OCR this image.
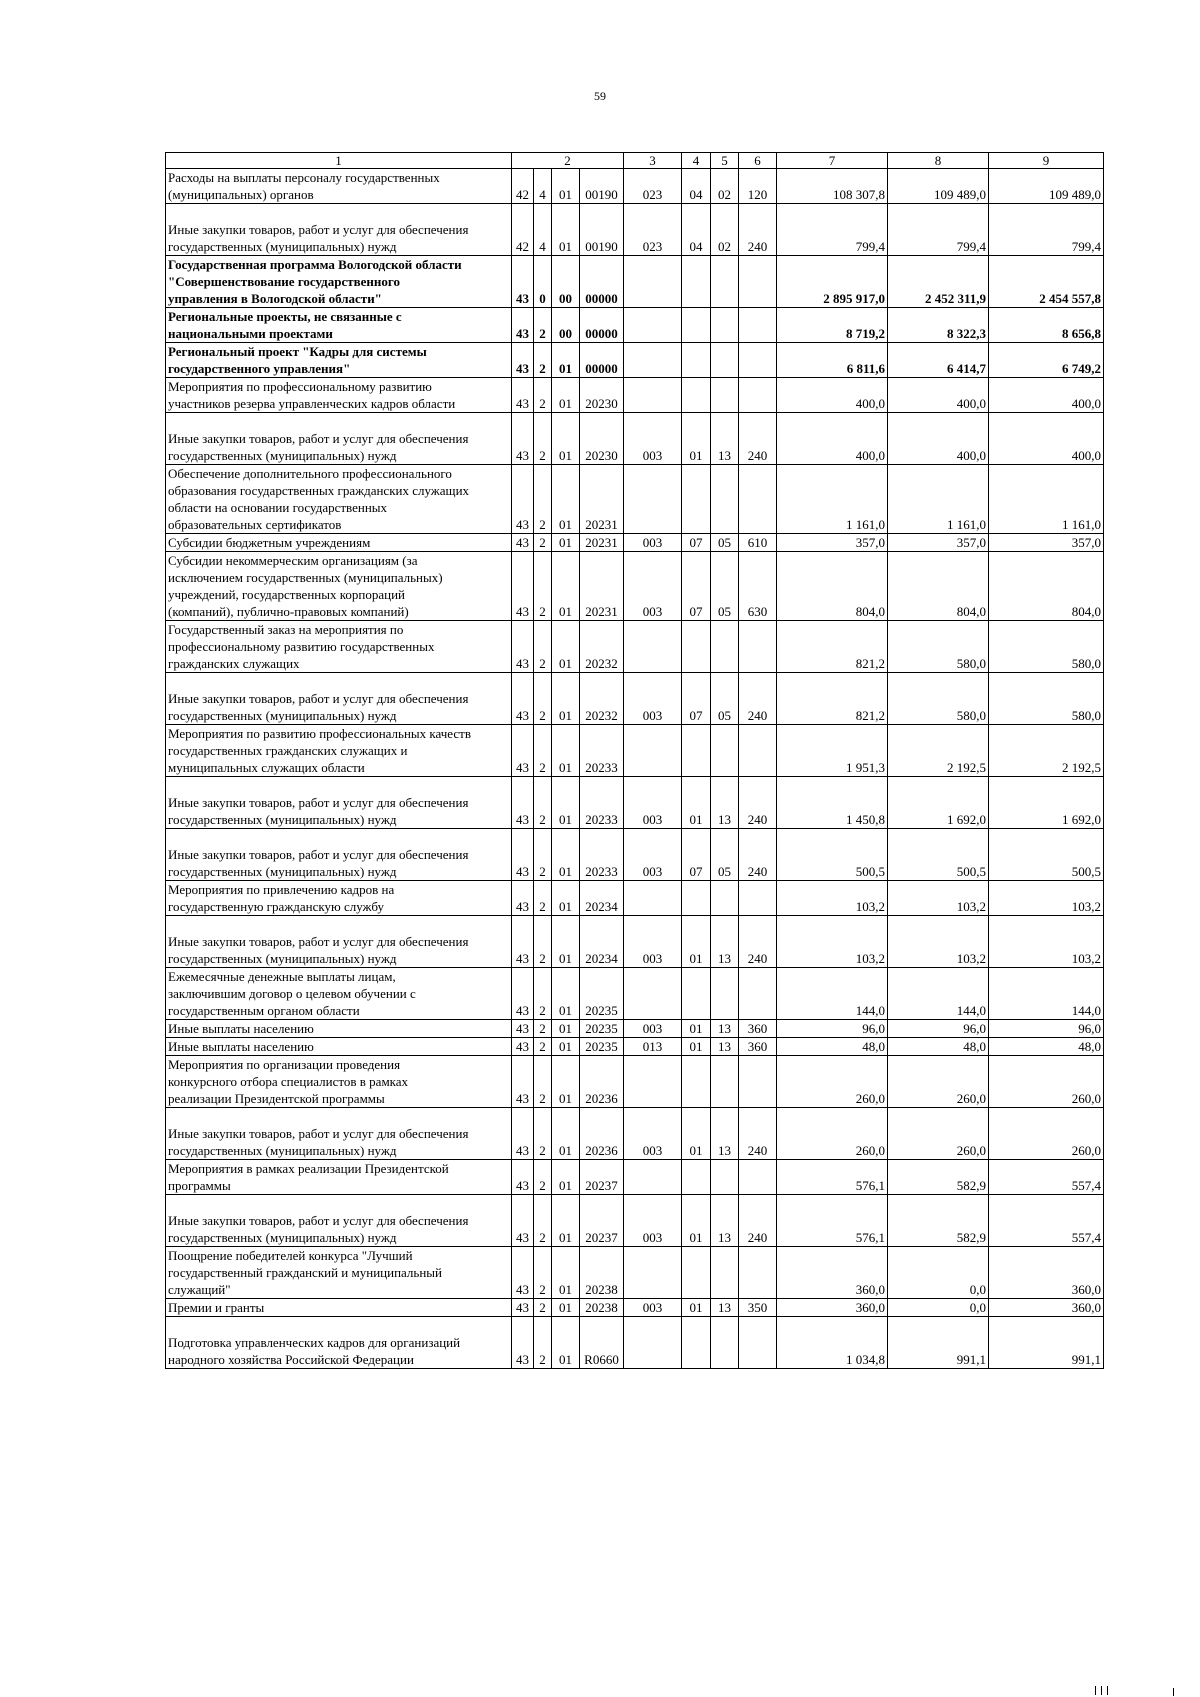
59
1	2				3	4	5	6	7	8	9

Расходы на выплаты персоналу государственных
(муниципальных) органов	42	4	01	00190	023	04	02	120	108 307,8	109 489,0	109 489,0

Иные закупки товаров, работ и услуг для обеспечения
государственных (муниципальных) нужд	42	4	01	00190	023	04	02	240	799,4	799,4	799,4

Государственная программа Вологодской области
"Совершенствование государственного
управления в Вологодской области"	43	0	00	00000					2 895 917,0	2 452 311,9	2 454 557,8

Региональные проекты, не связанные с
национальными проектами	43	2	00	00000					8 719,2	8 322,3	8 656,8

Региональный проект "Кадры для системы
государственного управления"	43	2	01	00000					6 811,6	6 414,7	6 749,2

Мероприятия по профессиональному развитию
участников резерва управленческих кадров области	43	2	01	20230					400,0	400,0	400,0

Иные закупки товаров, работ и услуг для обеспечения
государственных (муниципальных) нужд	43	2	01	20230	003	01	13	240	400,0	400,0	400,0

Обеспечение дополнительного профессионального
образования государственных гражданских служащих
области на основании государственных
образовательных сертификатов	43	2	01	20231					1 161,0	1 161,0	1 161,0

Субсидии бюджетным учреждениям	43	2	01	20231	003	07	05	610	357,0	357,0	357,0

Субсидии некоммерческим организациям (за
исключением государственных (муниципальных)
учреждений, государственных корпораций
(компаний), публично-правовых компаний)	43	2	01	20231	003	07	05	630	804,0	804,0	804,0

Государственный заказ на мероприятия по
профессиональному развитию государственных
гражданских служащих	43	2	01	20232					821,2	580,0	580,0

Иные закупки товаров, работ и услуг для обеспечения
государственных (муниципальных) нужд	43	2	01	20232	003	07	05	240	821,2	580,0	580,0

Мероприятия по развитию профессиональных качеств
государственных гражданских служащих и
муниципальных служащих области	43	2	01	20233					1 951,3	2 192,5	2 192,5

Иные закупки товаров, работ и услуг для обеспечения
государственных (муниципальных) нужд	43	2	01	20233	003	01	13	240	1 450,8	1 692,0	1 692,0

Иные закупки товаров, работ и услуг для обеспечения
государственных (муниципальных) нужд	43	2	01	20233	003	07	05	240	500,5	500,5	500,5

Мероприятия по привлечению кадров на
государственную гражданскую службу	43	2	01	20234					103,2	103,2	103,2

Иные закупки товаров, работ и услуг для обеспечения
государственных (муниципальных) нужд	43	2	01	20234	003	01	13	240	103,2	103,2	103,2

Ежемесячные денежные выплаты лицам,
заключившим договор о целевом обучении с
государственным органом области	43	2	01	20235					144,0	144,0	144,0

Иные выплаты населению	43	2	01	20235	003	01	13	360	96,0	96,0	96,0

Иные выплаты населению	43	2	01	20235	013	01	13	360	48,0	48,0	48,0

Мероприятия по организации проведения
конкурсного отбора специалистов в рамках
реализации Президентской программы	43	2	01	20236					260,0	260,0	260,0

Иные закупки товаров, работ и услуг для обеспечения
государственных (муниципальных) нужд	43	2	01	20236	003	01	13	240	260,0	260,0	260,0

Мероприятия в рамках реализации Президентской
программы	43	2	01	20237					576,1	582,9	557,4

Иные закупки товаров, работ и услуг для обеспечения
государственных (муниципальных) нужд	43	2	01	20237	003	01	13	240	576,1	582,9	557,4

Поощрение победителей конкурса "Лучший
государственный гражданский и муниципальный
служащий"	43	2	01	20238					360,0	0,0	360,0

Премии и гранты	43	2	01	20238	003	01	13	350	360,0	0,0	360,0

Подготовка управленческих кадров для организаций
народного хозяйства Российской Федерации	43	2	01	R0660					1 034,8	991,1	991,1
